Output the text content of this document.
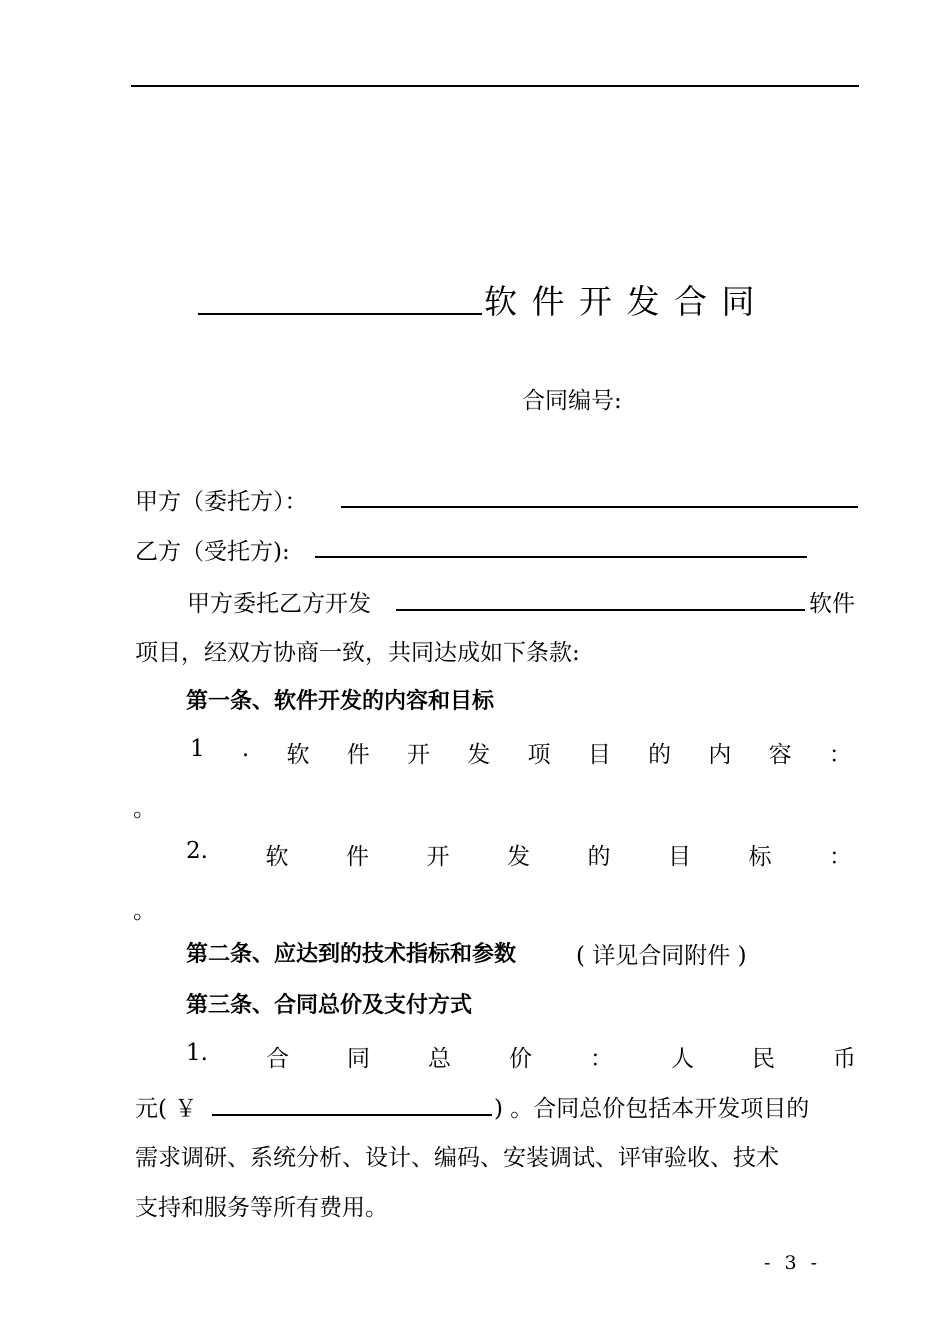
软 件 开 发 合 同
合同编号:
甲方（委托方）：
乙方（受托方):
甲方委托乙方开发	软件
项目，经双方协商一致，共同达成如下条款:
第一条、软件开发的内容和目标
1 . 软 件 开 发 项 目 的 内 容 ：
。
2.	软	件	开	发	的	目	标	：
。
第二条、应达到的技术指标和参数	( 详见合同附件 )
第三条、合同总价及支付方式
1.	合	同	总	价	：	人	民	币
元( ￥	) 。合同总价包括本开发项目的
需求调研、系统分析、设计、编码、安装调试、评审验收、技术
支持和服务等所有费用。
- 3 -
